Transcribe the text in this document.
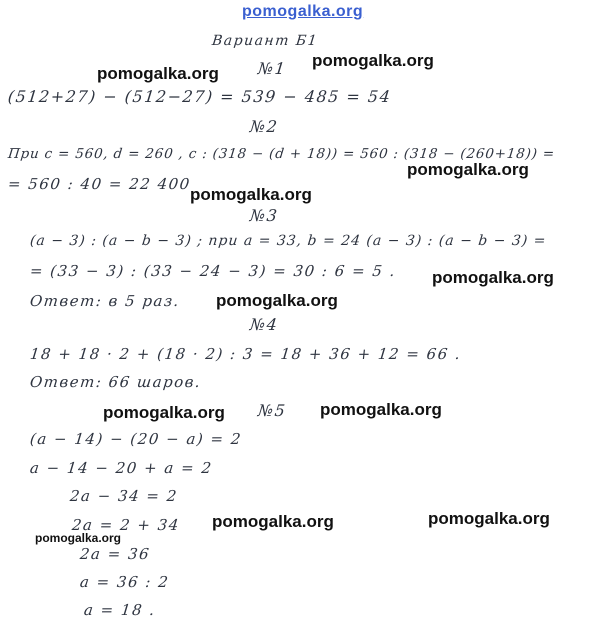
pomogalka.org
Вариант Б1
№1
(512+27) − (512−27) = 539 − 485 = 54
№2
При c = 560, d = 260 , c : (318 − (d + 18)) = 560 : (318 − (260+18)) =
= 560 : 40 = 22 400
№3
(a − 3) : (a − b − 3) ; при a = 33, b = 24 (a − 3) : (a − b − 3) =
= (33 − 3) : (33 − 24 − 3) = 30 : 6 = 5 .
Ответ: в 5 раз.
№4
18 + 18 · 2 + (18 · 2) : 3 = 18 + 36 + 12 = 66 .
Ответ: 66 шаров.
№5
(a − 14) − (20 − a) = 2
a − 14 − 20 + a = 2
2a − 34 = 2
2a = 2 + 34
2a = 36
a = 36 : 2
a = 18 .
pomogalka.org
pomogalka.org
pomogalka.org
pomogalka.org
pomogalka.org
pomogalka.org
pomogalka.org	pomogalka.org
pomogalka.org	pomogalka.org
pomogalka.org
